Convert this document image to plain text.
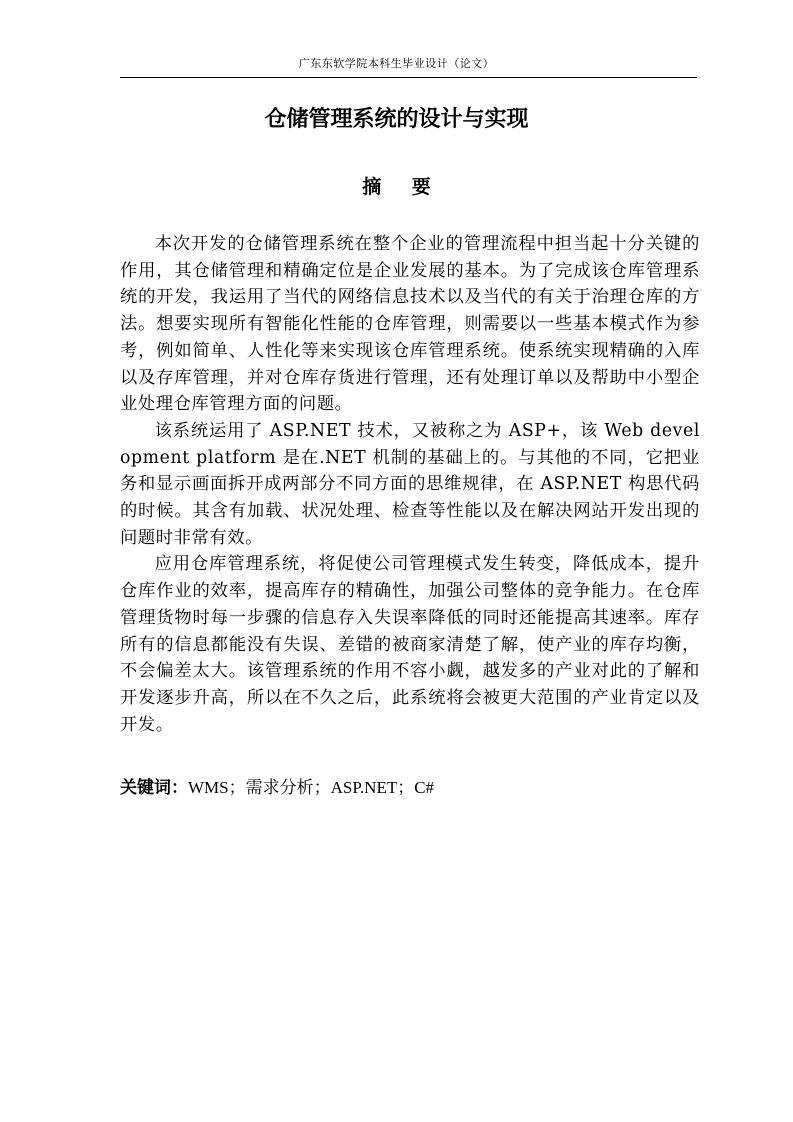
广东东软学院本科生毕业设计（论文）
仓储管理系统的设计与实现
摘 要

本次开发的仓储管理系统在整个企业的管理流程中担当起十分关键的作用，其仓储管理和精确定位是企业发展的基本。为了完成该仓库管理系统的开发，我运用了当代的网络信息技术以及当代的有关于治理仓库的方法。想要实现所有智能化性能的仓库管理，则需要以一些基本模式作为参考，例如简单、人性化等来实现该仓库管理系统。使系统实现精确的入库以及存库管理，并对仓库存货进行管理，还有处理订单以及帮助中小型企业处理仓库管理方面的问题。

该系统运用了 ASP.NET 技术，又被称之为 ASP+，该 Web development platform 是在.NET 机制的基础上的。与其他的不同，它把业务和显示画面拆开成两部分不同方面的思维规律，在 ASP.NET 构思代码的时候。其含有加载、状况处理、检查等性能以及在解决网站开发出现的问题时非常有效。

应用仓库管理系统，将促使公司管理模式发生转变，降低成本，提升仓库作业的效率，提高库存的精确性，加强公司整体的竞争能力。在仓库管理货物时每一步骤的信息存入失误率降低的同时还能提高其速率。库存所有的信息都能没有失误、差错的被商家清楚了解，使产业的库存均衡，不会偏差太大。该管理系统的作用不容小觑，越发多的产业对此的了解和开发逐步升高，所以在不久之后，此系统将会被更大范围的产业肯定以及开发。

关键词：WMS；需求分析；ASP.NET；C#
